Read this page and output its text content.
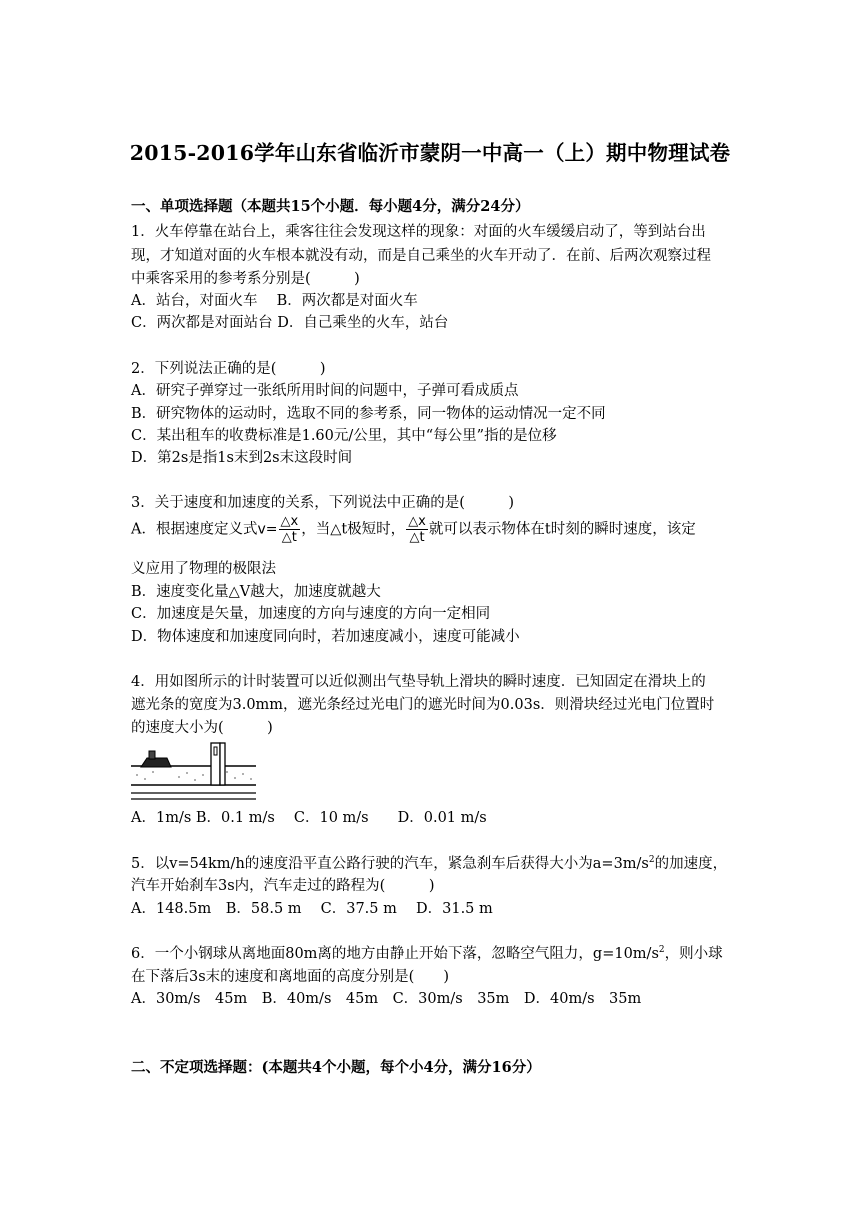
2015-2016学年山东省临沂市蒙阴一中高一（上）期中物理试卷
一、单项选择题（本题共15个小题．每小题4分，满分24分）
1．火车停靠在站台上，乘客往往会发现这样的现象：对面的火车缓缓启动了，等到站台出
现，才知道对面的火车根本就没有动，而是自己乘坐的火车开动了．在前、后两次观察过程
中乘客采用的参考系分别是(　　　)
A．站台，对面火车　 B．两次都是对面火车
C．两次都是对面站台 D．自己乘坐的火车，站台
2．下列说法正确的是(　　　)
A．研究子弹穿过一张纸所用时间的问题中，子弹可看成质点
B．研究物体的运动时，选取不同的参考系，同一物体的运动情况一定不同
C．某出租车的收费标准是1.60元/公里，其中“每公里”指的是位移
D．第2s是指1s末到2s末这段时间
3．关于速度和加速度的关系，下列说法中正确的是(　　　)
A．根据速度定义式$v= \frac{\triangle x}{\triangle t}$ ，当△t极短时， $\frac{\triangle x}{\triangle t}$ 就可以表示物体在t时刻的瞬时速度，该定
义应用了物理的极限法
B．速度变化量△V越大，加速度就越大
C．加速度是矢量，加速度的方向与速度的方向一定相同
D．物体速度和加速度同向时，若加速度减小，速度可能减小
4．用如图所示的计时装置可以近似测出气垫导轨上滑块的瞬时速度．已知固定在滑块上的
遮光条的宽度为3.0mm，遮光条经过光电门的遮光时间为0.03s．则滑块经过光电门位置时
的速度大小为(　　　)
A．1m/s B．0.1 m/s　 C．10 m/s　　D．0.01 m/s
5．以v=54km/h的速度沿平直公路行驶的汽车，紧急刹车后获得大小为$a=3m/s^2$的加速度，
汽车开始刹车3s内，汽车走过的路程为(　　　)
A．148.5m　B．58.5 m　 C．37.5 m　 D．31.5 m
6．一个小钢球从离地面80m离的地方由静止开始下落，忽略空气阻力，$g=10m/s^2$，则小球
在下落后3s末的速度和离地面的高度分别是(　　)
A．30m/s　45m　B．40m/s　45m　C．30m/s　35m　D．40m/s　35m
二、不定项选择题：(本题共4个小题，每个小4分，满分16分）
